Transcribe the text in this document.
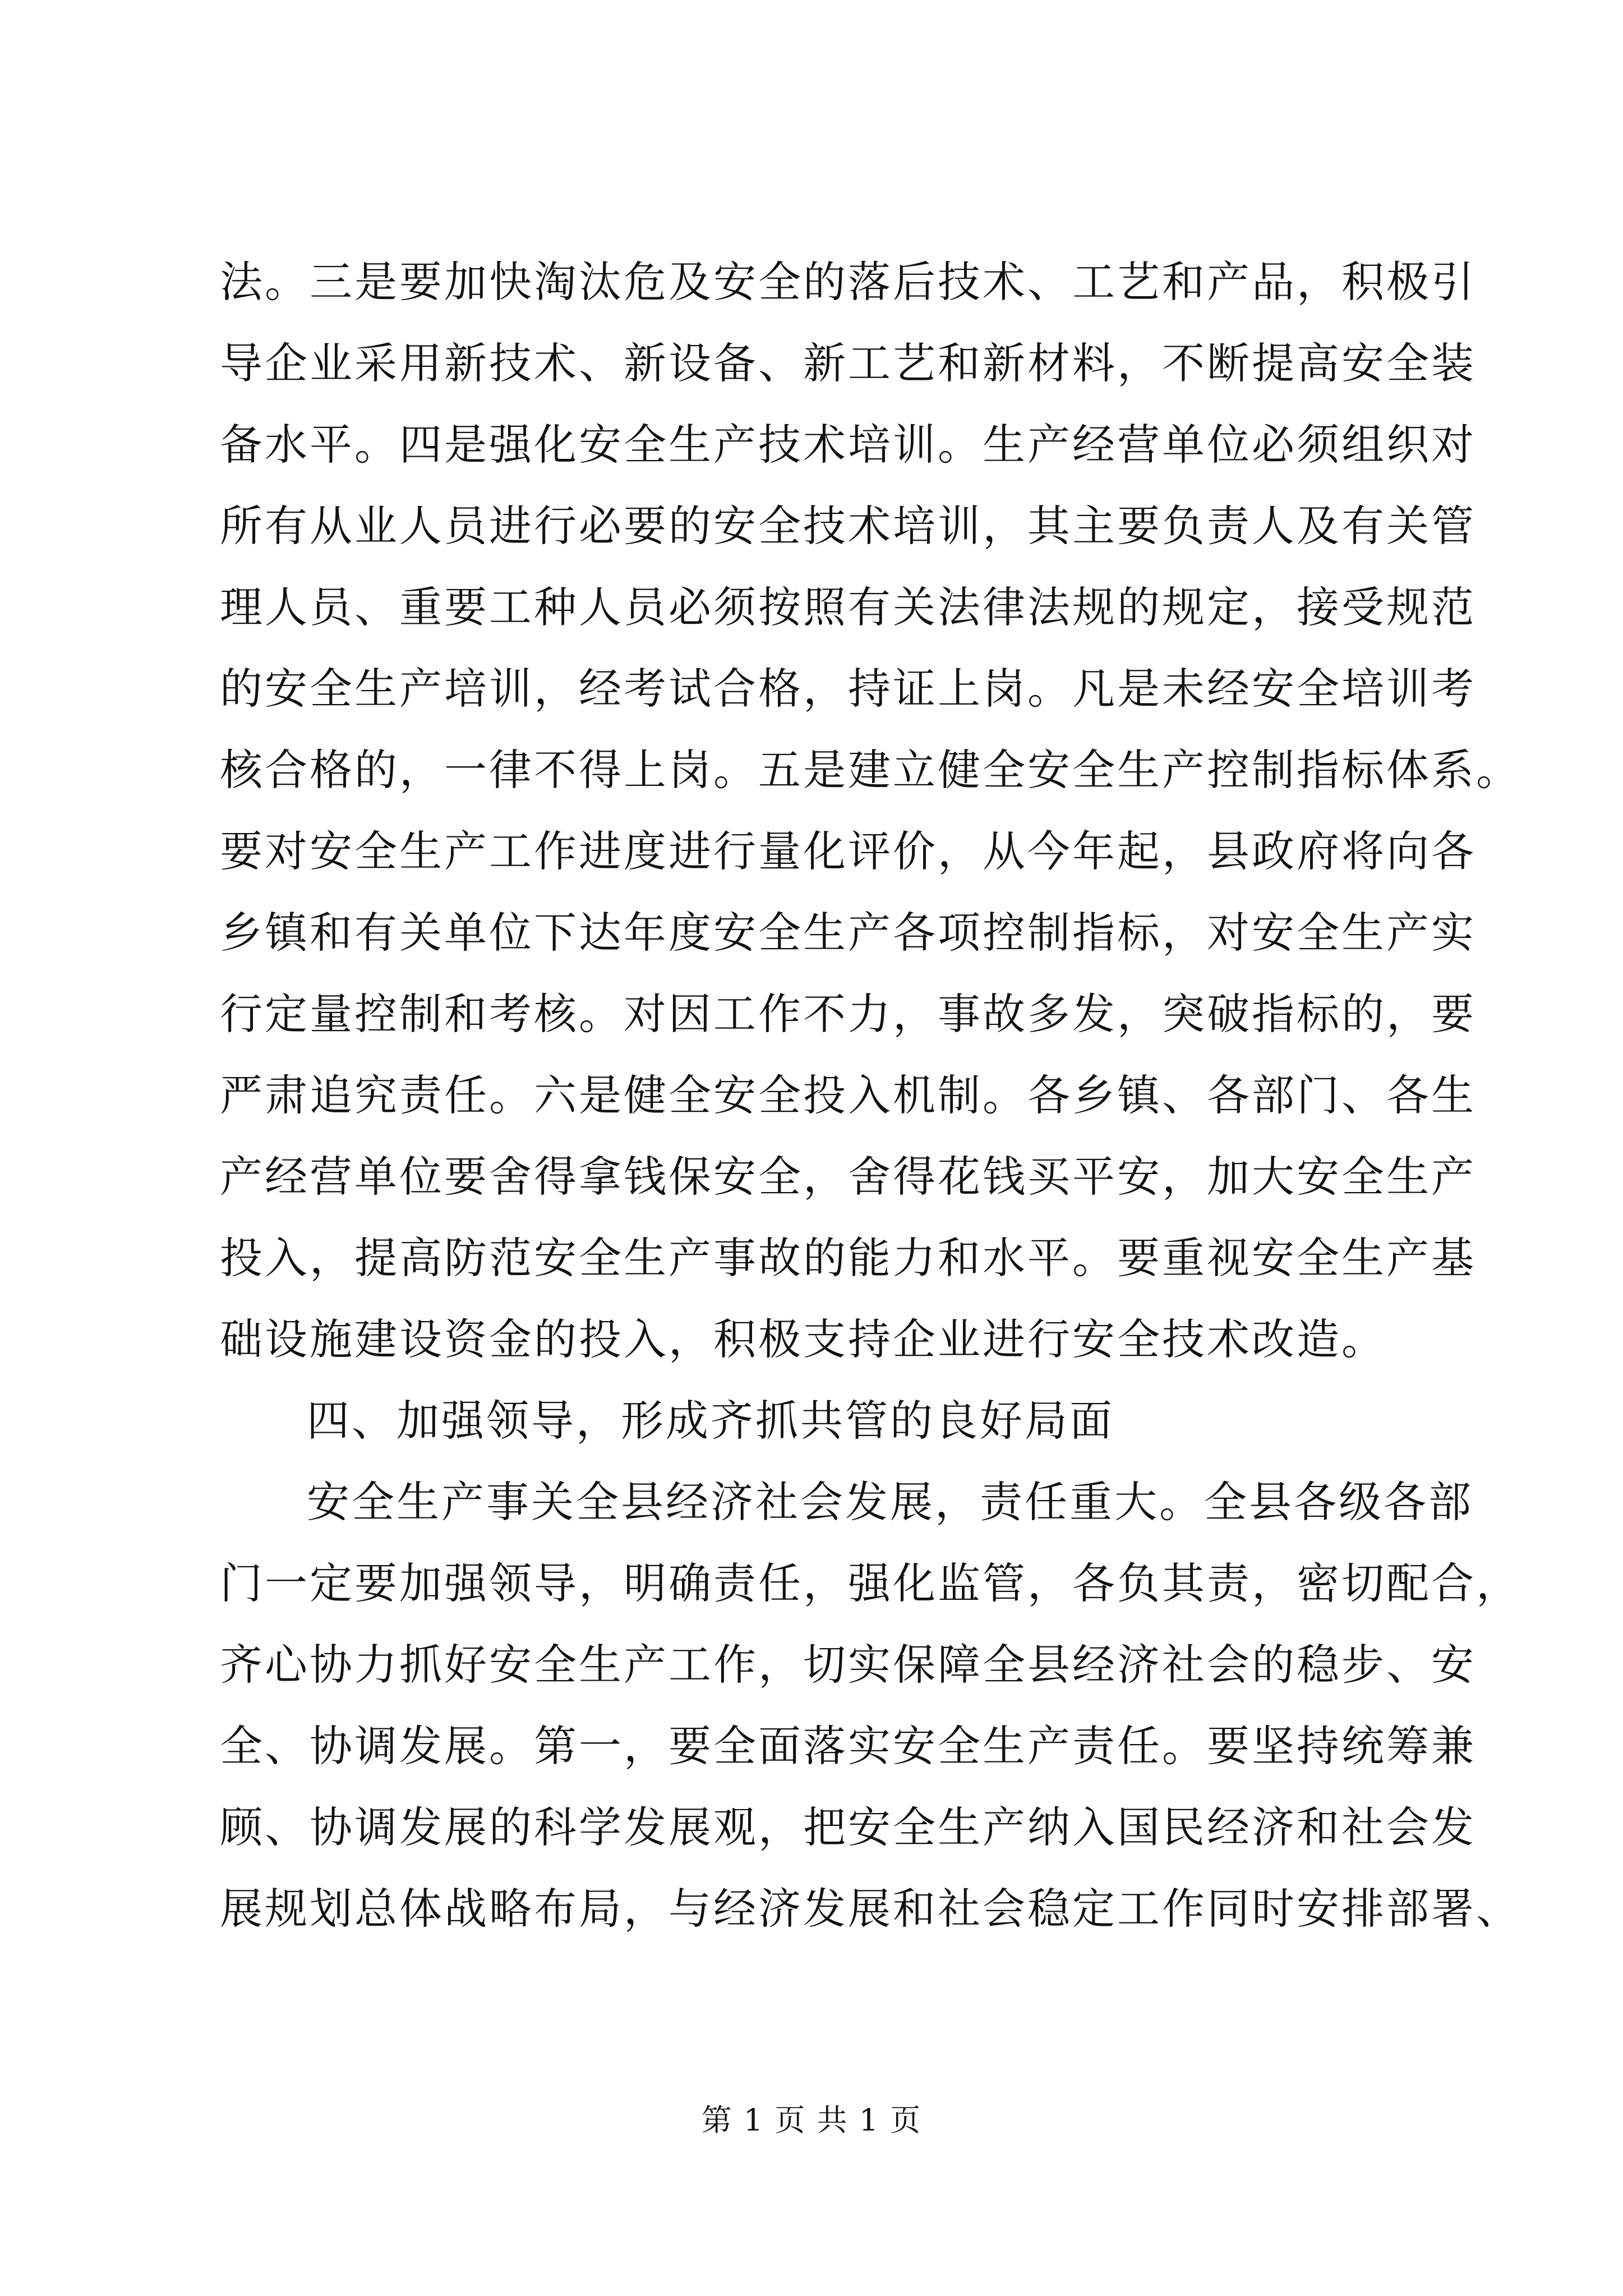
法。三是要加快淘汰危及安全的落后技术、工艺和产品，积极引
导企业采用新技术、新设备、新工艺和新材料，不断提高安全装
备水平。四是强化安全生产技术培训。生产经营单位必须组织对
所有从业人员进行必要的安全技术培训，其主要负责人及有关管
理人员、重要工种人员必须按照有关法律法规的规定，接受规范
的安全生产培训，经考试合格，持证上岗。凡是未经安全培训考
核合格的，一律不得上岗。五是建立健全安全生产控制指标体系。
要对安全生产工作进度进行量化评价，从今年起，县政府将向各
乡镇和有关单位下达年度安全生产各项控制指标，对安全生产实
行定量控制和考核。对因工作不力，事故多发，突破指标的，要
严肃追究责任。六是健全安全投入机制。各乡镇、各部门、各生
产经营单位要舍得拿钱保安全，舍得花钱买平安，加大安全生产
投入，提高防范安全生产事故的能力和水平。要重视安全生产基
础设施建设资金的投入，积极支持企业进行安全技术改造。
四、加强领导，形成齐抓共管的良好局面
安全生产事关全县经济社会发展，责任重大。全县各级各部
门一定要加强领导，明确责任，强化监管，各负其责，密切配合，
齐心协力抓好安全生产工作，切实保障全县经济社会的稳步、安
全、协调发展。第一，要全面落实安全生产责任。要坚持统筹兼
顾、协调发展的科学发展观，把安全生产纳入国民经济和社会发
展规划总体战略布局，与经济发展和社会稳定工作同时安排部署、
第 1 页 共 1 页
